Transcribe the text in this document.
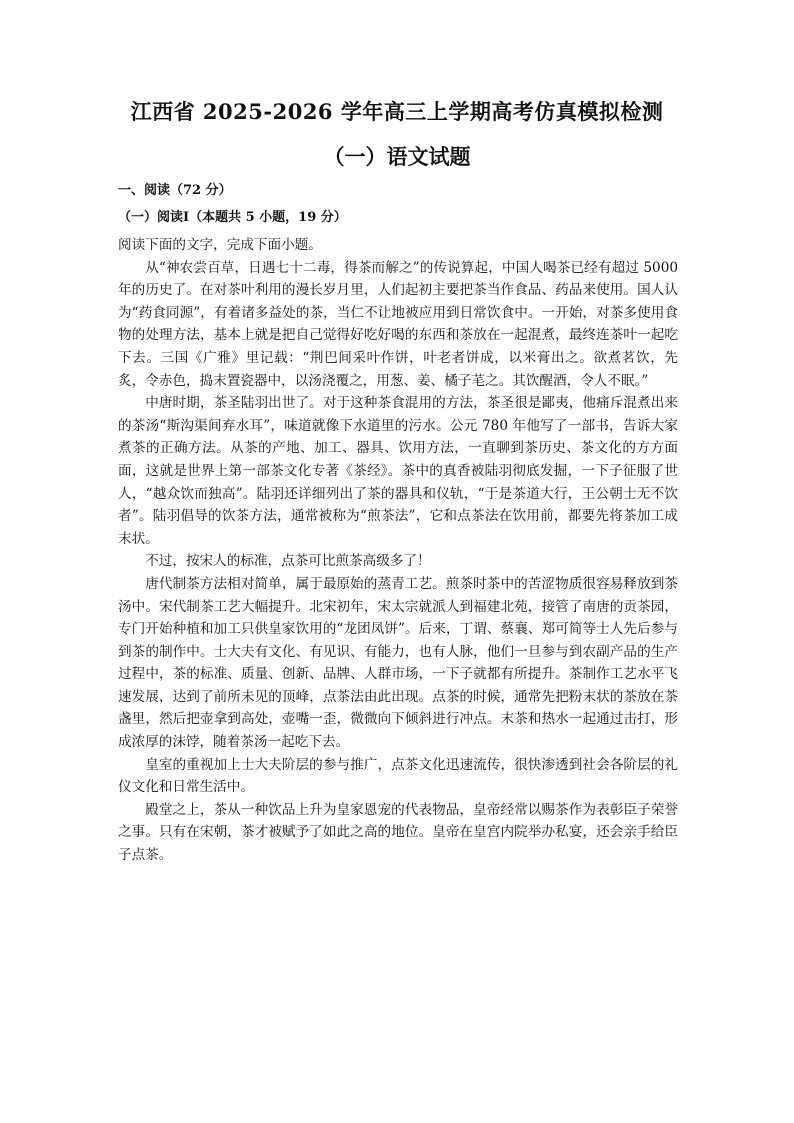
江西省 2025-2026 学年高三上学期高考仿真模拟检测
（一）语文试题
一、阅读（72 分）
（一）阅读Ⅰ（本题共 5 小题，19 分）

阅读下面的文字，完成下面小题。

从“神农尝百草，日遇七十二毒，得茶而解之”的传说算起，中国人喝茶已经有超过 5000 年的历史了。在对茶叶利用的漫长岁月里，人们起初主要把茶当作食品、药品来使用。国人认为“药食同源”，有着诸多益处的茶，当仁不让地被应用到日常饮食中。一开始，对茶多使用食物的处理方法，基本上就是把自己觉得好吃好喝的东西和茶放在一起混煮，最终连茶叶一起吃下去。三国《广雅》里记载：“荆巴间采叶作饼，叶老者饼成，以米膏出之。欲煮茗饮，先炙，令赤色，捣末置瓷器中，以汤浇覆之，用葱、姜、橘子芼之。其饮醒酒，令人不眠。”

中唐时期，茶圣陆羽出世了。对于这种茶食混用的方法，茶圣很是鄙夷，他痛斥混煮出来的茶汤“斯沟渠间弃水耳”，味道就像下水道里的污水。公元 780 年他写了一部书，告诉大家煮茶的正确方法。从茶的产地、加工、器具、饮用方法，一直聊到茶历史、茶文化的方方面面，这就是世界上第一部茶文化专著《茶经》。茶中的真香被陆羽彻底发掘，一下子征服了世人，“越众饮而独高”。陆羽还详细列出了茶的器具和仪轨，“于是茶道大行，王公朝士无不饮者”。陆羽倡导的饮茶方法，通常被称为“煎茶法”，它和点茶法在饮用前，都要先将茶加工成末状。

不过，按宋人的标准，点茶可比煎茶高级多了！

唐代制茶方法相对简单，属于最原始的蒸青工艺。煎茶时茶中的苦涩物质很容易释放到茶汤中。宋代制茶工艺大幅提升。北宋初年，宋太宗就派人到福建北苑，接管了南唐的贡茶园，专门开始种植和加工只供皇家饮用的“龙团凤饼”。后来，丁谓、蔡襄、郑可简等士人先后参与到茶的制作中。士大夫有文化、有见识、有能力，也有人脉，他们一旦参与到农副产品的生产过程中，茶的标准、质量、创新、品牌、人群市场，一下子就都有所提升。茶制作工艺水平飞速发展，达到了前所未见的顶峰，点茶法由此出现。点茶的时候，通常先把粉末状的茶放在茶盏里，然后把壶拿到高处，壶嘴一歪，微微向下倾斜进行冲点。末茶和热水一起通过击打，形成浓厚的沫饽，随着茶汤一起吃下去。

皇室的重视加上士大夫阶层的参与推广，点茶文化迅速流传，很快渗透到社会各阶层的礼仪文化和日常生活中。

殿堂之上，茶从一种饮品上升为皇家恩宠的代表物品，皇帝经常以赐茶作为表彰臣子荣誉之事。只有在宋朝，茶才被赋予了如此之高的地位。皇帝在皇宫内院举办私宴，还会亲手给臣子点茶。
